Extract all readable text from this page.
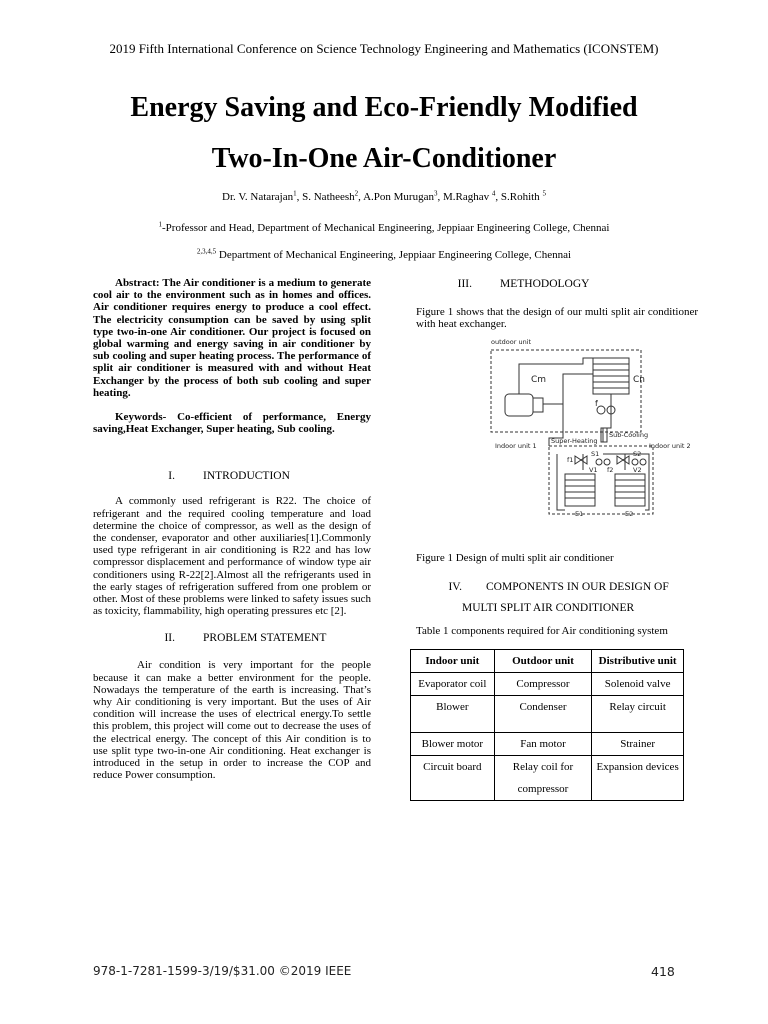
2019 Fifth International Conference on Science Technology Engineering and Mathematics (ICONSTEM)
Energy Saving and Eco-Friendly Modified
Two-In-One Air-Conditioner
Dr. V. Natarajan$^1$, S. Natheesh$^2$, A.Pon Murugan$^3$, M.Raghav $^4$, S.Rohith $^5$
$^1$-Professor and Head, Department of Mechanical Engineering, Jeppiaar Engineering College, Chennai
$^{2,3,4,5}$ Department of Mechanical Engineering, Jeppiaar Engineering College, Chennai

Abstract: The Air conditioner is a medium to generate cool air to the environment such as in homes and offices. Air conditioner requires energy to produce a cool effect. The electricity consumption can be saved by using split type two-in-one Air conditioner. Our project is focused on global warming and energy saving in air conditioner by sub cooling and super heating process. The performance of split air conditioner is measured with and without Heat Exchanger by the process of both sub cooling and super heating.

Keywords- Co-efficient of performance, Energy saving,Heat Exchanger, Super heating, Sub cooling.

I.	INTRODUCTION

A commonly used refrigerant is R22. The choice of refrigerant and the required cooling temperature and load determine the choice of compressor, as well as the design of the condenser, evaporator and other auxiliaries[1].Commonly used type refrigerant in air conditioning is R22 and has low compressor displacement and performance of window type air conditioners using R-22[2].Almost all the refrigerants used in the early stages of refrigeration suffered from one problem or other. Most of these problems were linked to safety issues such as toxicity, flammability, high operating pressures etc [2].

II.	PROBLEM STATEMENT

Air condition is very important for the people because it can make a better environment for the people. Nowadays the temperature of the earth is increasing. That’s why Air conditioning is very important. But the uses of Air condition will increase the uses of electrical energy.To settle this problem, this project will come out to decrease the uses of the electrical energy. The concept of this Air condition is to use split type two-in-one Air conditioning. Heat exchanger is introduced in the setup in order to increase the COP and reduce Power consumption.

III.	METHODOLOGY

Figure 1 shows that the design of our multi split air conditioner with heat exchanger.

outdoor unit
Cm	Cn
f
Sub-Cooling
Super-Heating
Indoor unit 1	Indoor unit 2
f1
f2
V1	V2
S1	S2
E1	E2

Figure 1 Design of multi split air conditioner

IV.	COMPONENTS IN OUR DESIGN OF
MULTI SPLIT AIR CONDITIONER

Table 1 components required for Air conditioning system

Indoor unit	Outdoor unit	Distributive unit
Evaporator coil	Compressor	Solenoid valve
Blower	Condenser	Relay circuit
Blower motor	Fan motor	Strainer
Circuit board	Relay coil for compressor	Expansion devices
978-1-7281-1599-3/19/$31.00 ©2019 IEEE	418
